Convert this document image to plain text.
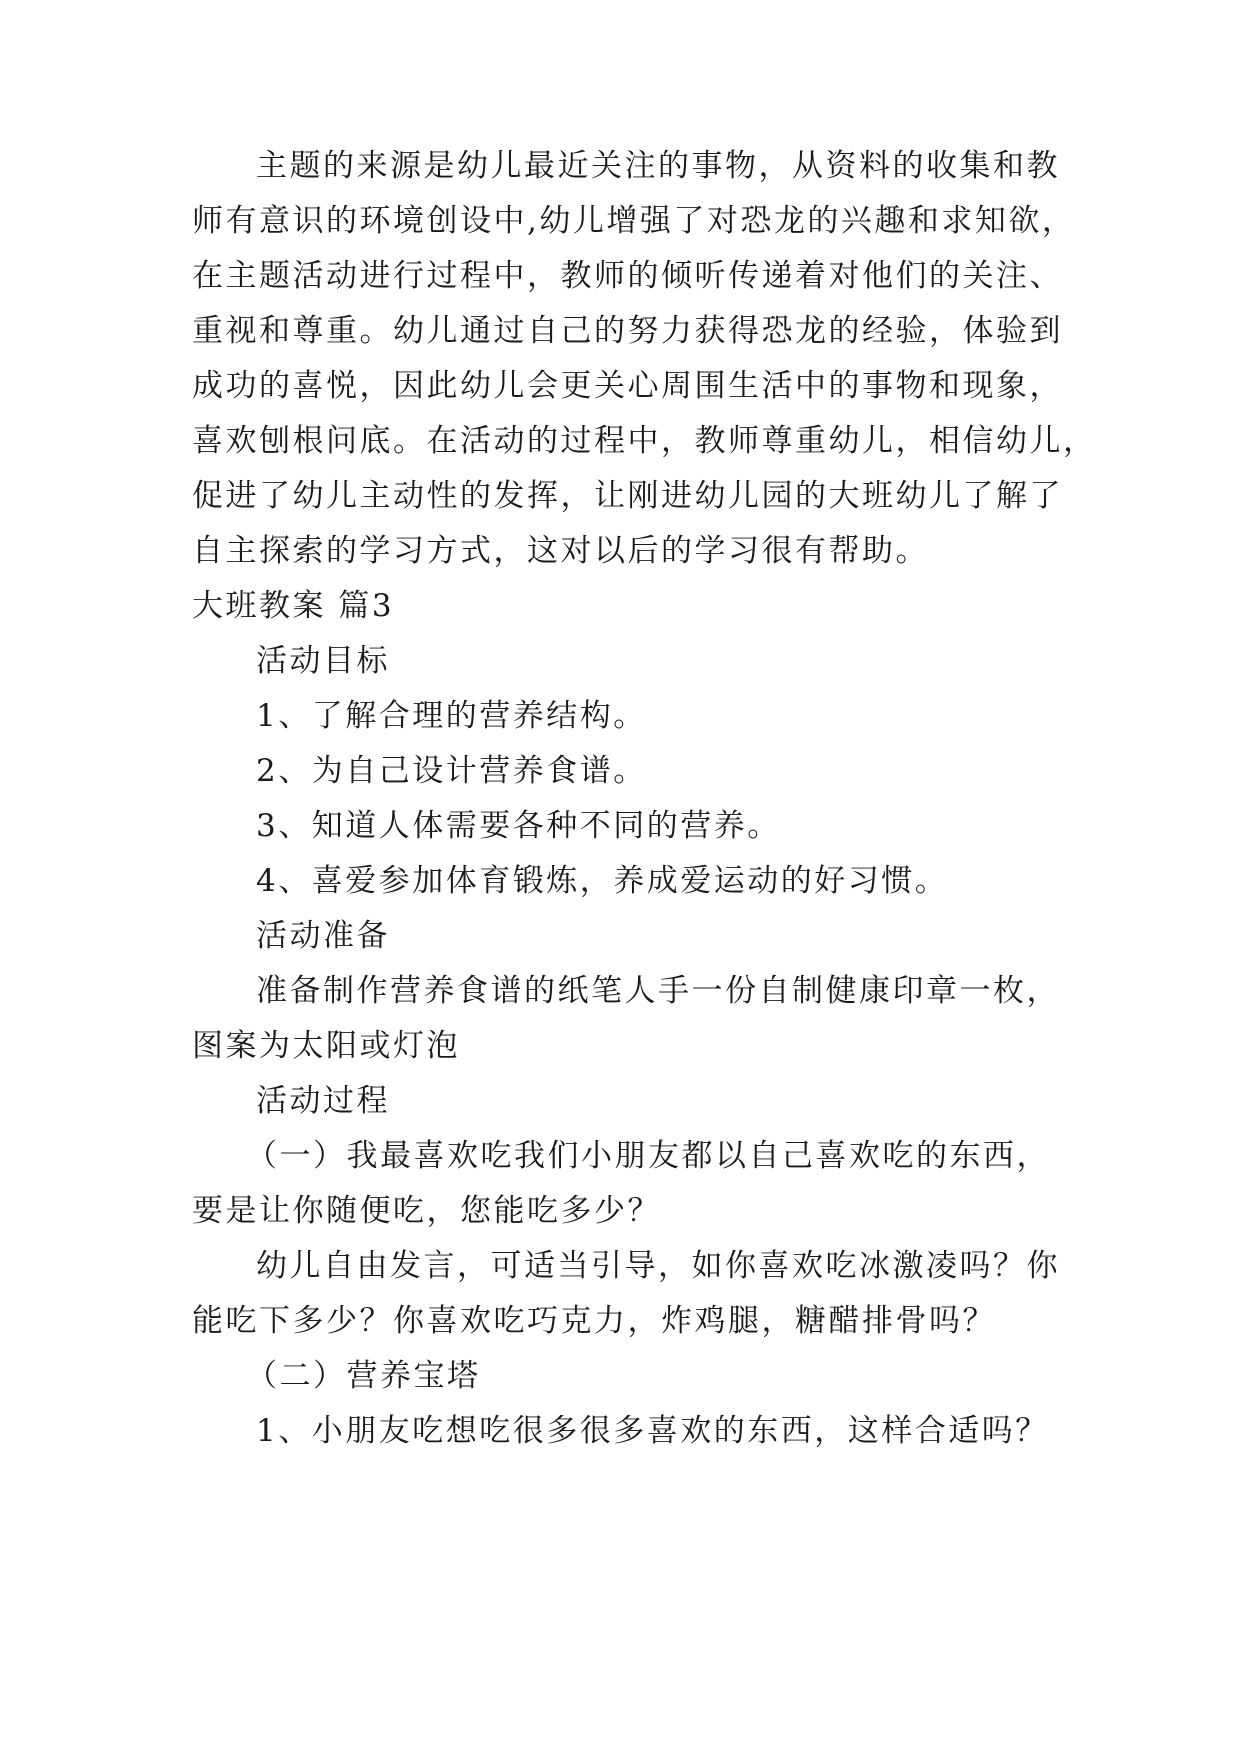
主题的来源是幼儿最近关注的事物，从资料的收集和教
师有意识的环境创设中,幼儿增强了对恐龙的兴趣和求知欲，
在主题活动进行过程中，教师的倾听传递着对他们的关注、
重视和尊重。幼儿通过自己的努力获得恐龙的经验，体验到
成功的喜悦，因此幼儿会更关心周围生活中的事物和现象，
喜欢刨根问底。在活动的过程中，教师尊重幼儿，相信幼儿，
促进了幼儿主动性的发挥，让刚进幼儿园的大班幼儿了解了
自主探索的学习方式，这对以后的学习很有帮助。
大班教案 篇3
活动目标
1、了解合理的营养结构。
2、为自己设计营养食谱。
3、知道人体需要各种不同的营养。
4、喜爱参加体育锻炼，养成爱运动的好习惯。
活动准备
准备制作营养食谱的纸笔人手一份自制健康印章一枚，
图案为太阳或灯泡
活动过程
（一）我最喜欢吃我们小朋友都以自己喜欢吃的东西，
要是让你随便吃，您能吃多少？
幼儿自由发言，可适当引导，如你喜欢吃冰激凌吗？你
能吃下多少？你喜欢吃巧克力，炸鸡腿，糖醋排骨吗？
（二）营养宝塔
1、小朋友吃想吃很多很多喜欢的东西，这样合适吗？
